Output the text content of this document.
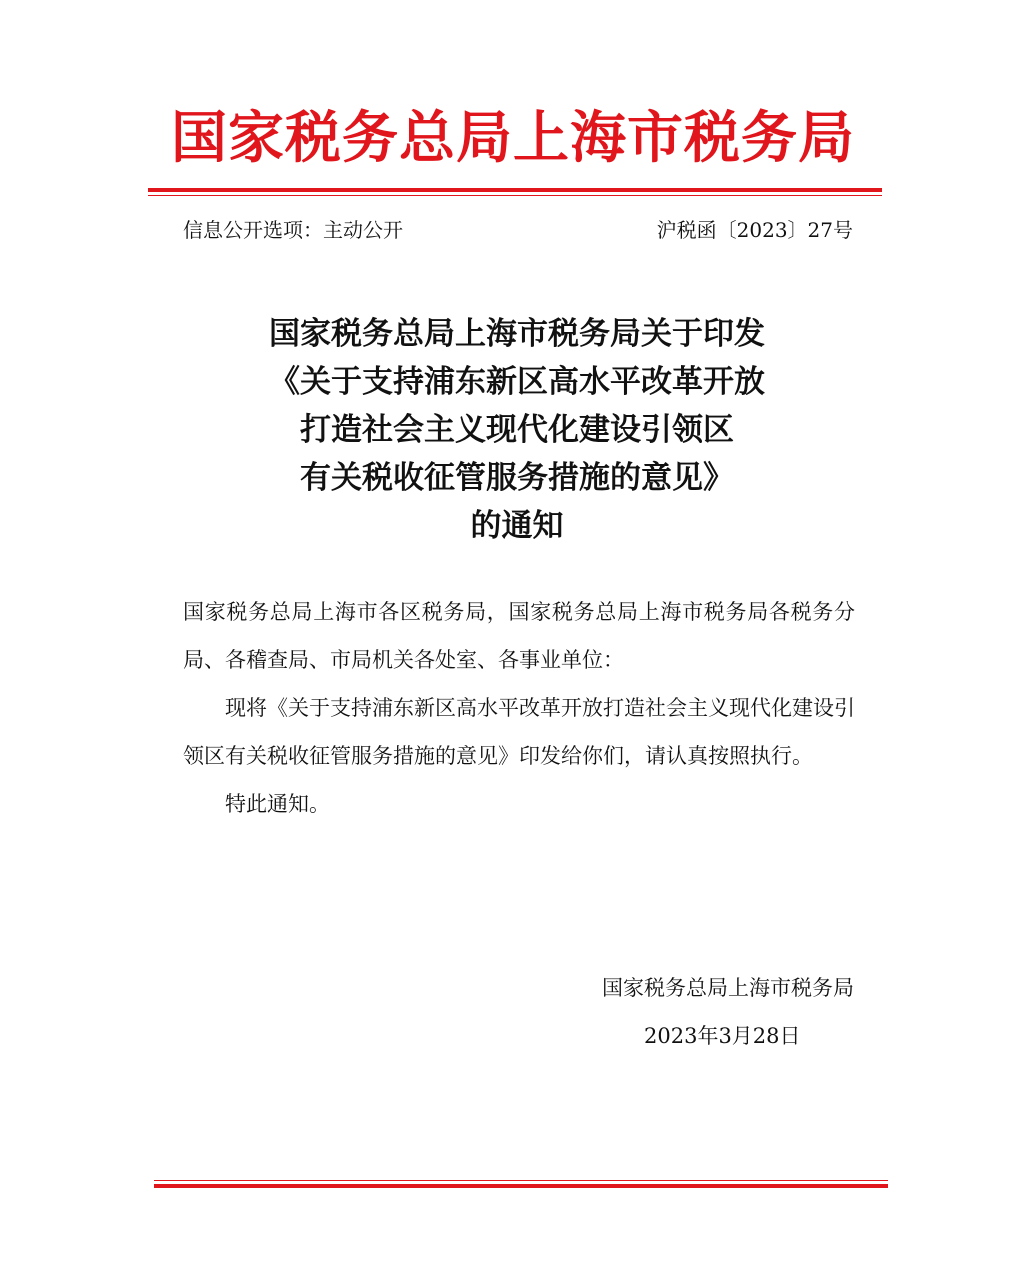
国家税务总局上海市税务局
信息公开选项：主动公开	沪税函〔2023〕27号
国家税务总局上海市税务局关于印发
《关于支持浦东新区高水平改革开放
打造社会主义现代化建设引领区
有关税收征管服务措施的意见》
的通知

国家税务总局上海市各区税务局，国家税务总局上海市税务局各税务分局、各稽查局、市局机关各处室、各事业单位：

现将《关于支持浦东新区高水平改革开放打造社会主义现代化建设引领区有关税收征管服务措施的意见》印发给你们，请认真按照执行。

特此通知。

国家税务总局上海市税务局
2023年3月28日
